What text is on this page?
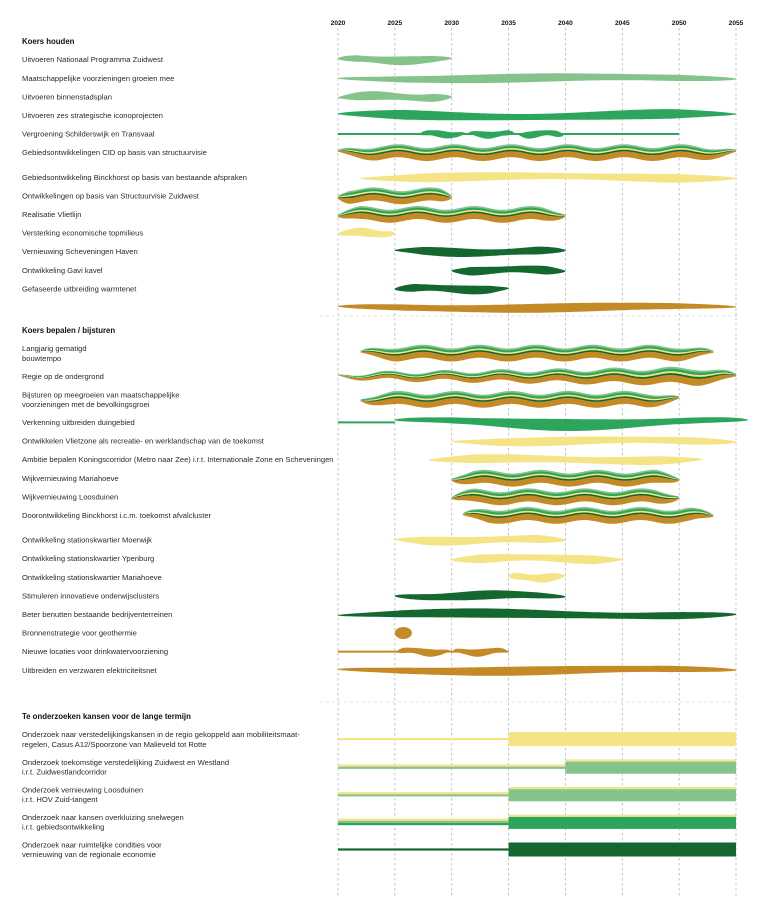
2020	2025	2030	2035	2040	2045	2050	2055
Koers houden
Uitvoeren Nationaal Programma Zuidwest
Maatschappelijke voorzieningen groeien mee
Uitvoeren binnenstadsplan
Uitvoeren zes strategische iconoprojecten
Vergroening Schilderswijk en Transvaal
Gebiedsontwikkelingen CID op basis van structuurvisie
Gebiedsontwikkeling Binckhorst op basis van bestaande afspraken
Ontwikkelingen op basis van Structuurvisie Zuidwest
Realisatie Vlietlijn
Versterking economische topmilieus
Vernieuwing Scheveningen Haven
Ontwikkeling Gavi kavel
Gefaseerde uitbreiding warmtenet
Koers bepalen / bijsturen
Langjarig gematigd
bouwtempo
Regie op de ondergrond
Bijsturen op meegroeien van maatschappelijke
voorzieningen met de bevolkingsgroei
Verkenning uitbreiden duingebied
Ontwikkelen Vlietzone als recreatie- en werklandschap van de toekomst
Ambitie bepalen Koningscorridor (Metro naar Zee) i.r.t. Internationale Zone en Scheveningen
Wijkvernieuwing Mariahoeve
Wijkvernieuwing Loosduinen
Doorontwikkeling Binckhorst i.c.m. toekomst afvalcluster
Ontwikkeling stationskwartier Moerwijk
Ontwikkeling stationskwartier Ypenburg
Ontwikkeling stationskwartier Mariahoeve
Stimuleren innovatieve onderwijsclusters
Beter benutten bestaande bedrijventerreinen
Bronnenstrategie voor geothermie
Nieuwe locaties voor drinkwatervoorziening
Uitbreiden en verzwaren elektriciteitsnet
Te onderzoeken kansen voor de lange termijn
Onderzoek naar verstedelijkingskansen in de regio gekoppeld aan mobiliteitsmaat-
regelen, Casus A12/Spoorzone van Malieveld tot Rotte
Onderzoek toekomstige verstedelijking Zuidwest en Westland
i.r.t. Zuidwestlandcorridor
Onderzoek vernieuwing Loosduinen
i.r.t. HOV Zuid-tangent
Onderzoek naar kansen overkluizing snelwegen
i.r.t. gebiedsontwikkeling
Onderzoek naar ruimtelijke condities voor
vernieuwing van de regionale economie
